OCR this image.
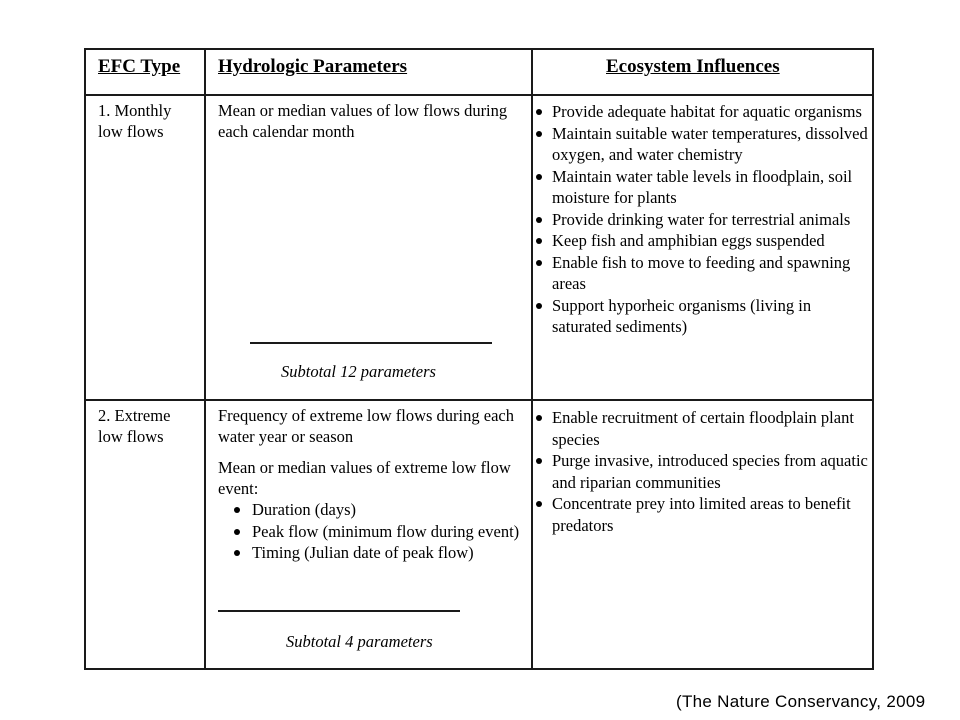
EFC Type Hydrologic Parameters	Ecosystem Influences
1. Monthly low flows
Mean or median values of low flows during each calendar month
Subtotal 12 parameters
Provide adequate habitat for aquatic organisms
Maintain suitable water temperatures, dissolved oxygen, and water chemistry
Maintain water table levels in floodplain, soil moisture for plants
Provide drinking water for terrestrial animals
Keep fish and amphibian eggs suspended
Enable fish to move to feeding and spawning areas
Support hyporheic organisms (living in saturated sediments)
2. Extreme low flows
Frequency of extreme low flows during each water year or season
Mean or median values of extreme low flow event:
Duration (days)
Peak flow (minimum flow during event)
Timing (Julian date of peak flow)
Subtotal 4 parameters
Enable recruitment of certain floodplain plant species
Purge invasive, introduced species from aquatic and riparian communities
Concentrate prey into limited areas to benefit predators
(The Nature Conservancy, 2009
